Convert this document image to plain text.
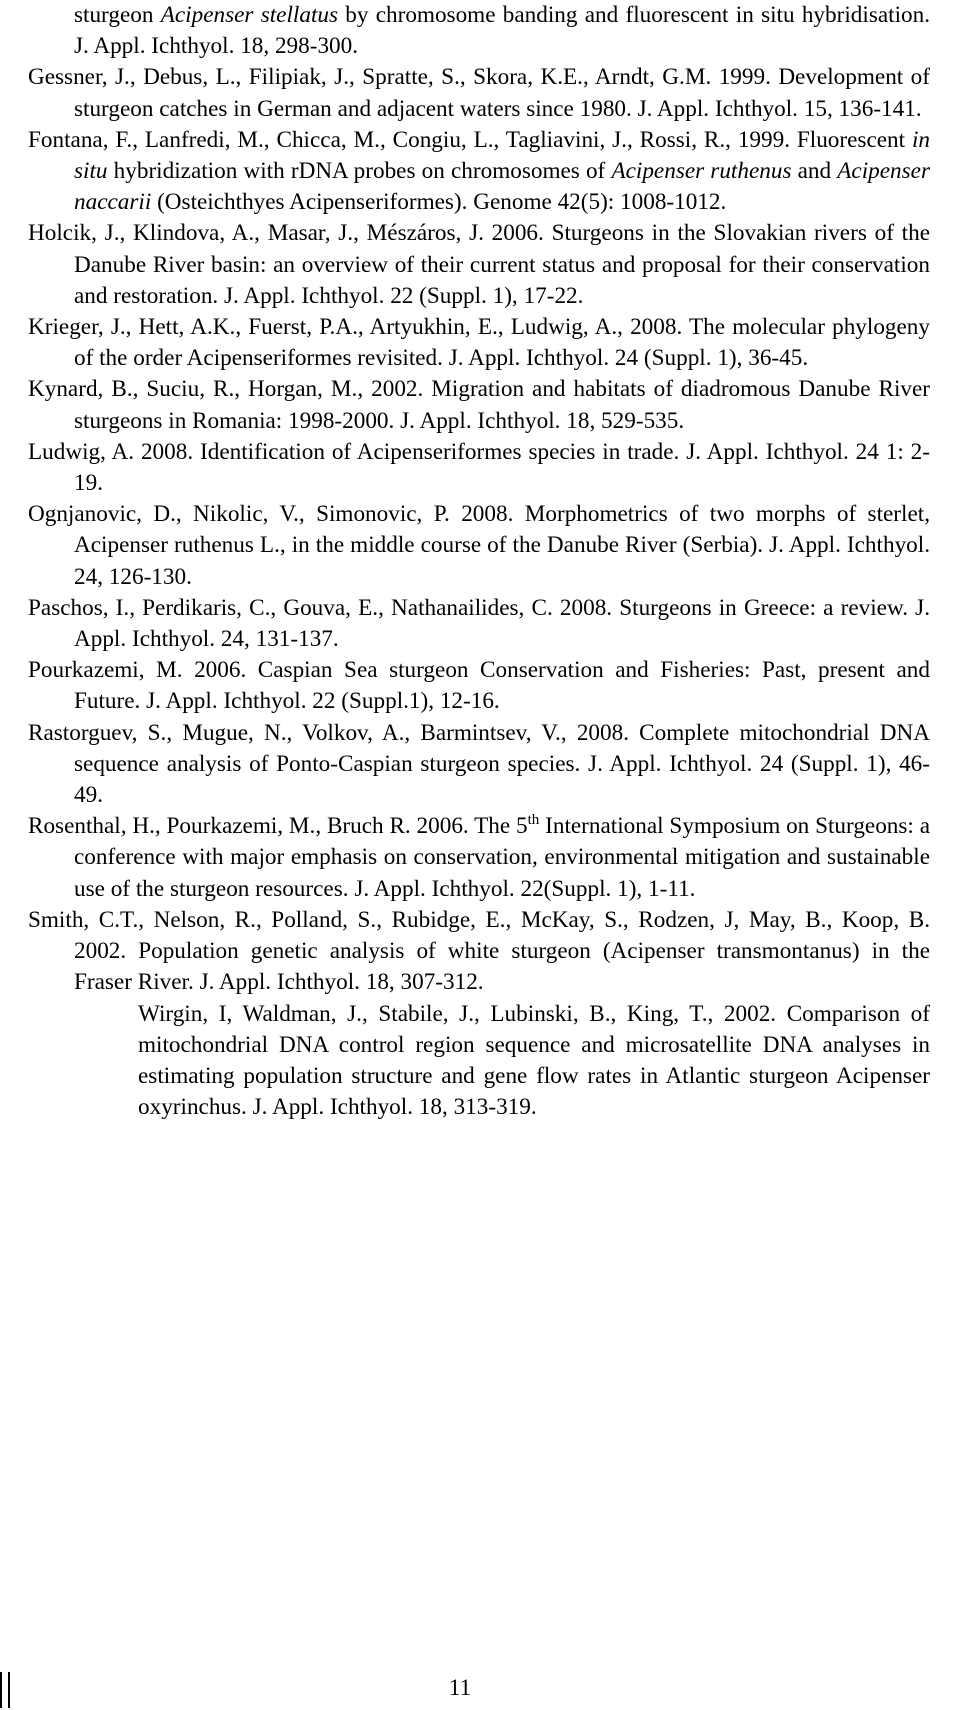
sturgeon Acipenser stellatus by chromosome banding and fluorescent in situ hybridisation. J. Appl. Ichthyol. 18, 298-300.

Gessner, J., Debus, L., Filipiak, J., Spratte, S., Skora, K.E., Arndt, G.M. 1999. Development of sturgeon catches in German and adjacent waters since 1980. J. Appl. Ichthyol. 15, 136-141.

Fontana, F., Lanfredi, M., Chicca, M., Congiu, L., Tagliavini, J., Rossi, R., 1999. Fluorescent in situ hybridization with rDNA probes on chromosomes of Acipenser ruthenus and Acipenser naccarii (Osteichthyes Acipenseriformes). Genome 42(5): 1008-1012.

Holcik, J., Klindova, A., Masar, J., Mészáros, J. 2006. Sturgeons in the Slovakian rivers of the Danube River basin: an overview of their current status and proposal for their conservation and restoration. J. Appl. Ichthyol. 22 (Suppl. 1), 17-22.

Krieger, J., Hett, A.K., Fuerst, P.A., Artyukhin, E., Ludwig, A., 2008. The molecular phylogeny of the order Acipenseriformes revisited. J. Appl. Ichthyol. 24 (Suppl. 1), 36-45.

Kynard, B., Suciu, R., Horgan, M., 2002. Migration and habitats of diadromous Danube River sturgeons in Romania: 1998-2000. J. Appl. Ichthyol. 18, 529-535.

Ludwig, A. 2008. Identification of Acipenseriformes species in trade. J. Appl. Ichthyol. 24 1: 2-19.

Ognjanovic, D., Nikolic, V., Simonovic, P. 2008. Morphometrics of two morphs of sterlet, Acipenser ruthenus L., in the middle course of the Danube River (Serbia). J. Appl. Ichthyol. 24, 126-130.

Paschos, I., Perdikaris, C., Gouva, E., Nathanailides, C. 2008. Sturgeons in Greece: a review. J. Appl. Ichthyol. 24, 131-137.

Pourkazemi, M. 2006. Caspian Sea sturgeon Conservation and Fisheries: Past, present and Future. J. Appl. Ichthyol. 22 (Suppl.1), 12-16.

Rastorguev, S., Mugue, N., Volkov, A., Barmintsev, V., 2008. Complete mitochondrial DNA sequence analysis of Ponto-Caspian sturgeon species. J. Appl. Ichthyol. 24 (Suppl. 1), 46-49.

Rosenthal, H., Pourkazemi, M., Bruch R. 2006. The 5th International Symposium on Sturgeons: a conference with major emphasis on conservation, environmental mitigation and sustainable use of the sturgeon resources. J. Appl. Ichthyol. 22(Suppl. 1), 1-11.

Smith, C.T., Nelson, R., Polland, S., Rubidge, E., McKay, S., Rodzen, J, May, B., Koop, B. 2002. Population genetic analysis of white sturgeon (Acipenser transmontanus) in the Fraser River. J. Appl. Ichthyol. 18, 307-312.

Wirgin, I, Waldman, J., Stabile, J., Lubinski, B., King, T., 2002. Comparison of mitochondrial DNA control region sequence and microsatellite DNA analyses in estimating population structure and gene flow rates in Atlantic sturgeon Acipenser oxyrinchus. J. Appl. Ichthyol. 18, 313-319.

11
